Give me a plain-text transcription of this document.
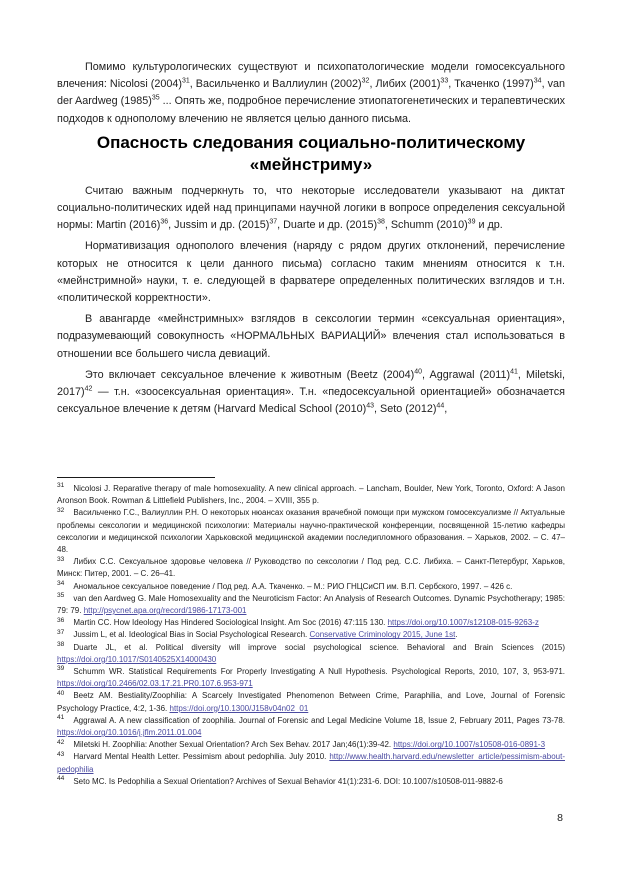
Помимо культурологических существуют и психопатологические модели гомосексуального влечения: Nicolosi $(2004)^{31}$, Васильченко и Валлиулин $(2002)^{32}$, Либих $(2001)^{33}$, Ткаченко $(1997)^{34}$, van der Aardweg $(1985)^{35}$ ... Опять же, подробное перечисление этиопатогенетических и терапевтических подходов к однополому влечению не является целью данного письма.

Опасность следования социально-политическому «мейнстриму»

Считаю важным подчеркнуть то, что некоторые исследователи указывают на диктат социально-политических идей над принципами научной логики в вопросе определения сексуальной нормы: Martin $(2016)^{36}$, Jussim и др. $(2015)^{37}$, Duarte и др. $(2015)^{38}$, Schumm $(2010)^{39}$ и др.

Нормативизация однополого влечения (наряду с рядом других отклонений, перечисление которых не относится к цели данного письма) согласно таким мнениям относится к т.н. «мейнстримной» науки, т. е. следующей в фарватере определенных политических взглядов и т.н. «политической корректности».

В авангарде «мейнстримных» взглядов в сексологии термин «сексуальная ориентация», подразумевающий совокупность «НОРМАЛЬНЫХ ВАРИАЦИЙ» влечения стал использоваться в отношении все большего числа девиаций.

Это включает сексуальное влечение к животным (Beetz $(2004)^{40}$, Aggrawal $(2011)^{41}$, Miletski, 2017)$^{42}$ — т.н. «зоосексуальная ориентация». Т.н. «педосексуальной ориентацией» обозначается сексуальное влечение к детям (Harvard Medical School $(2010)^{43}$, Seto $(2012)^{44}$,

$^{31}$ Nicolosi J. Reparative therapy of male homosexuality. A new clinical approach. – Lancham, Boulder, New York, Toronto, Oxford: A Jason Aronson Book. Rowman & Littlefield Publishers, Inc., 2004. – XVIII, 355 p.
$^{32}$ Васильченко Г.С., Валиуллин Р.Н. О некоторых нюансах оказания врачебной помощи при мужском гомосексуализме // Актуальные проблемы сексологии и медицинской психологии: Материалы научно-практической конференции, посвященной 15-летию кафедры сексологии и медицинской психологии Харьковской медицинской академии последипломного образования. – Харьков, 2002. – С. 47–48.
$^{33}$ Либих С.С. Сексуальное здоровье человека // Руководство по сексологии / Под ред. С.С. Либиха. – Санкт-Петербург, Харьков, Минск: Питер, 2001. – С. 26–41.
$^{34}$ Аномальное сексуальное поведение / Под ред. А.А. Ткаченко. – М.: РИО ГНЦСиСП им. В.П. Сербского, 1997. – 426 с.
$^{35}$ van den Aardweg G. Male Homosexuality and the Neuroticism Factor: An Analysis of Research Outcomes. Dynamic Psychotherapy; 1985: 79: 79. http://psycnet.apa.org/record/1986-17173-001
$^{36}$ Martin CC. How Ideology Has Hindered Sociological Insight. Am Soc (2016) 47:115 130. https://doi.org/10.1007/s12108-015-9263-z
$^{37}$ Jussim L, et al. Ideological Bias in Social Psychological Research. Conservative Criminology 2015, June 1st.
$^{38}$ Duarte JL, et al. Political diversity will improve social psychological science. Behavioral and Brain Sciences (2015) https://doi.org/10.1017/S0140525X14000430
$^{39}$ Schumm WR. Statistical Requirements For Properly Investigating A Null Hypothesis. Psychological Reports, 2010, 107, 3, 953-971. https://doi.org/10.2466/02.03.17.21.PR0.107.6.953-971
$^{40}$ Beetz AM. Bestiality/Zoophilia: A Scarcely Investigated Phenomenon Between Crime, Paraphilia, and Love, Journal of Forensic Psychology Practice, 4:2, 1-36. https://doi.org/10.1300/J158v04n02_01
$^{41}$ Aggrawal A. A new classification of zoophilia. Journal of Forensic and Legal Medicine Volume 18, Issue 2, February 2011, Pages 73-78. https://doi.org/10.1016/j.jflm.2011.01.004
$^{42}$ Miletski H. Zoophilia: Another Sexual Orientation? Arch Sex Behav. 2017 Jan;46(1):39-42. https://doi.org/10.1007/s10508-016-0891-3
$^{43}$ Harvard Mental Health Letter. Pessimism about pedophilia. July 2010. http://www.health.harvard.edu/newsletter_article/pessimism-about-pedophilia
$^{44}$ Seto MC. Is Pedophilia a Sexual Orientation? Archives of Sexual Behavior 41(1):231-6. DOI: 10.1007/s10508-011-9882-6
8
